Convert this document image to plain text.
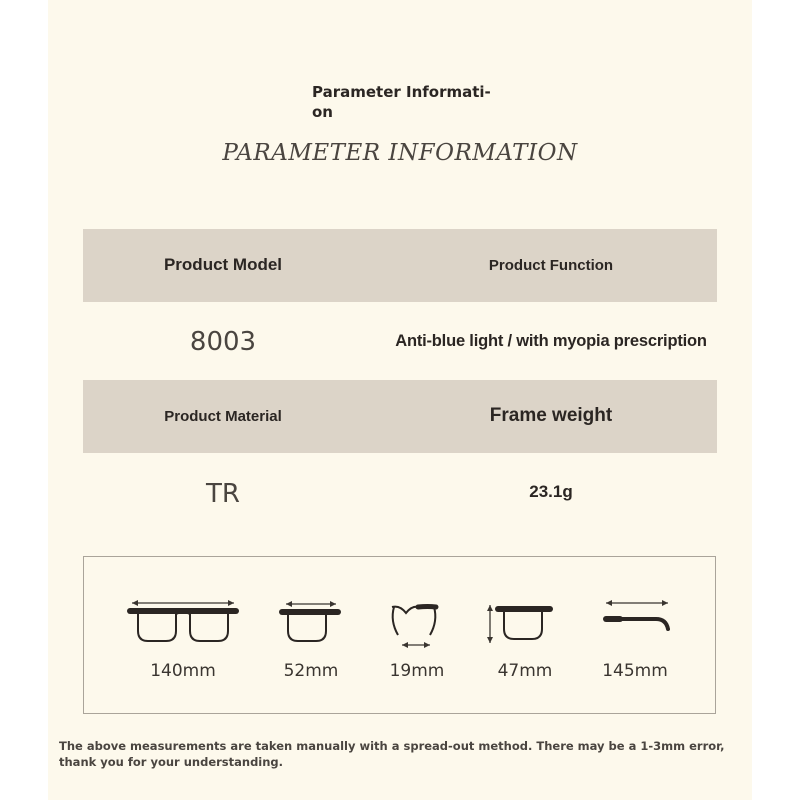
Parameter Informati-on
PARAMETER INFORMATION
Product Model	Product Function
8003	Anti-blue light / with myopia prescription
Product Material	Frame weight
TR	23.1g
140mm	52mm	19mm	47mm	145mm
The above measurements are taken manually with a spread-out method. There may be a 1-3mm error, thank you for your understanding.
